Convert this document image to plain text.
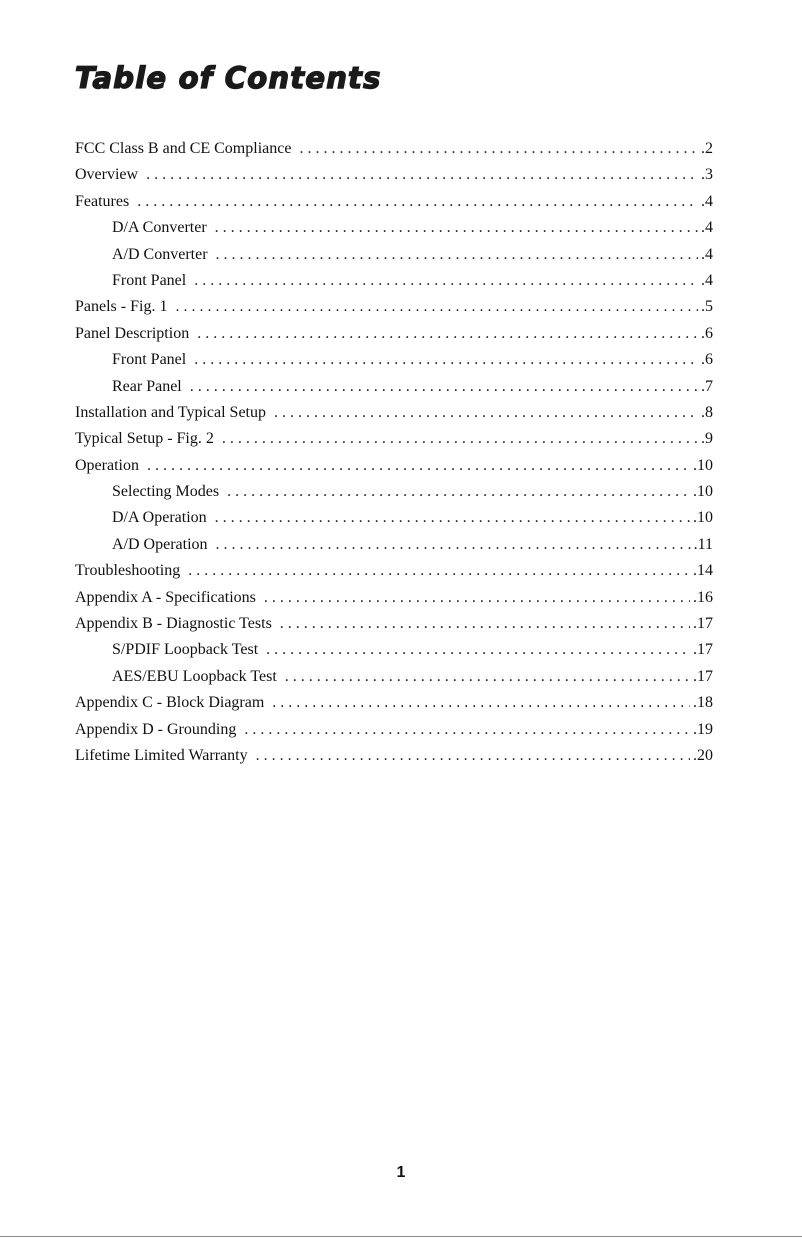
Table of Contents
FCC Class B and CE Compliance . . .	.2
Overview . . .	.3
Features . . .	.4
D/A Converter . . .	.4
A/D Converter . . .	.4
Front Panel . . .	.4
Panels - Fig. 1 . . .	.5
Panel Description . . .	.6
Front Panel . . .	.6
Rear Panel . . .	.7
Installation and Typical Setup . . .	.8
Typical Setup - Fig. 2 . . .	.9
Operation . . .	.10
Selecting Modes . . .	.10
D/A Operation . . .	.10
A/D Operation . . .	.11
Troubleshooting . . .	.14
Appendix A - Specifications . . .	.16
Appendix B - Diagnostic Tests . . .	.17
S/PDIF Loopback Test . . .	.17
AES/EBU Loopback Test . . .	.17
Appendix C - Block Diagram . . .	.18
Appendix D - Grounding . . .	.19
Lifetime Limited Warranty . . .	.20
1
